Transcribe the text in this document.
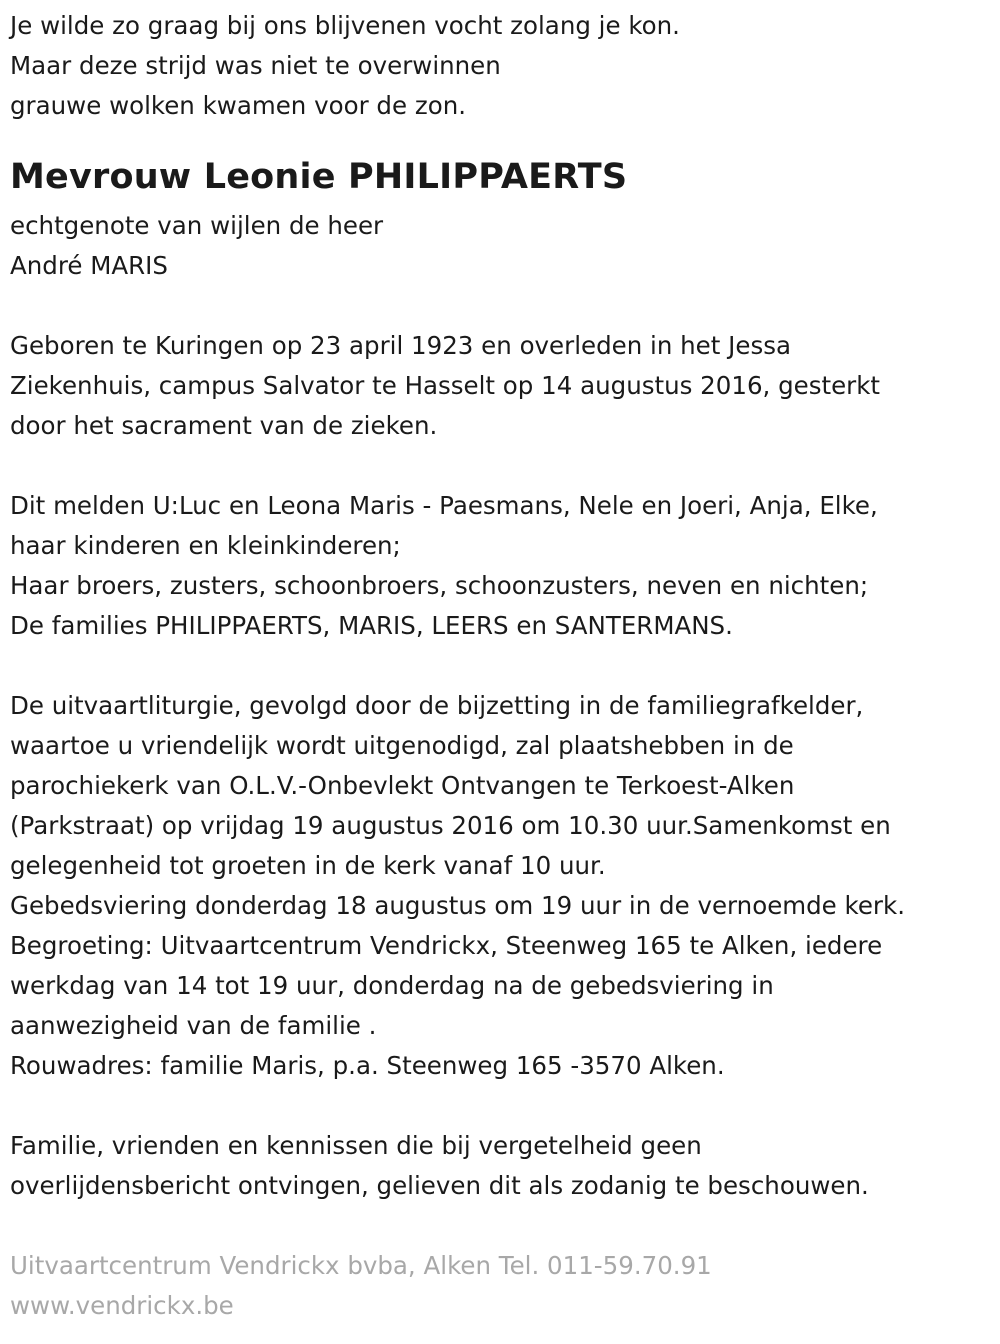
Je wilde zo graag bij ons blijvenen vocht zolang je kon.
Maar deze strijd was niet te overwinnen
grauwe wolken kwamen voor de zon.
Mevrouw Leonie PHILIPPAERTS
echtgenote van wijlen de heer
André MARIS
Geboren te Kuringen op 23 april 1923 en overleden in het Jessa
Ziekenhuis, campus Salvator te Hasselt op 14 augustus 2016, gesterkt
door het sacrament van de zieken.
Dit melden U:Luc en Leona Maris - Paesmans, Nele en Joeri, Anja, Elke,
haar kinderen en kleinkinderen;
Haar broers, zusters, schoonbroers, schoonzusters, neven en nichten;
De families PHILIPPAERTS, MARIS, LEERS en SANTERMANS.
De uitvaartliturgie, gevolgd door de bijzetting in de familiegrafkelder,
waartoe u vriendelijk wordt uitgenodigd, zal plaatshebben in de
parochiekerk van O.L.V.-Onbevlekt Ontvangen te Terkoest-Alken
(Parkstraat) op vrijdag 19 augustus 2016 om 10.30 uur.Samenkomst en
gelegenheid tot groeten in de kerk vanaf 10 uur.
Gebedsviering donderdag 18 augustus om 19 uur in de vernoemde kerk.
Begroeting: Uitvaartcentrum Vendrickx, Steenweg 165 te Alken, iedere
werkdag van 14 tot 19 uur, donderdag na de gebedsviering in
aanwezigheid van de familie .
Rouwadres: familie Maris, p.a. Steenweg 165 -3570 Alken.
Familie, vrienden en kennissen die bij vergetelheid geen
overlijdensbericht ontvingen, gelieven dit als zodanig te beschouwen.
Uitvaartcentrum Vendrickx bvba, Alken Tel. 011-59.70.91
www.vendrickx.be
